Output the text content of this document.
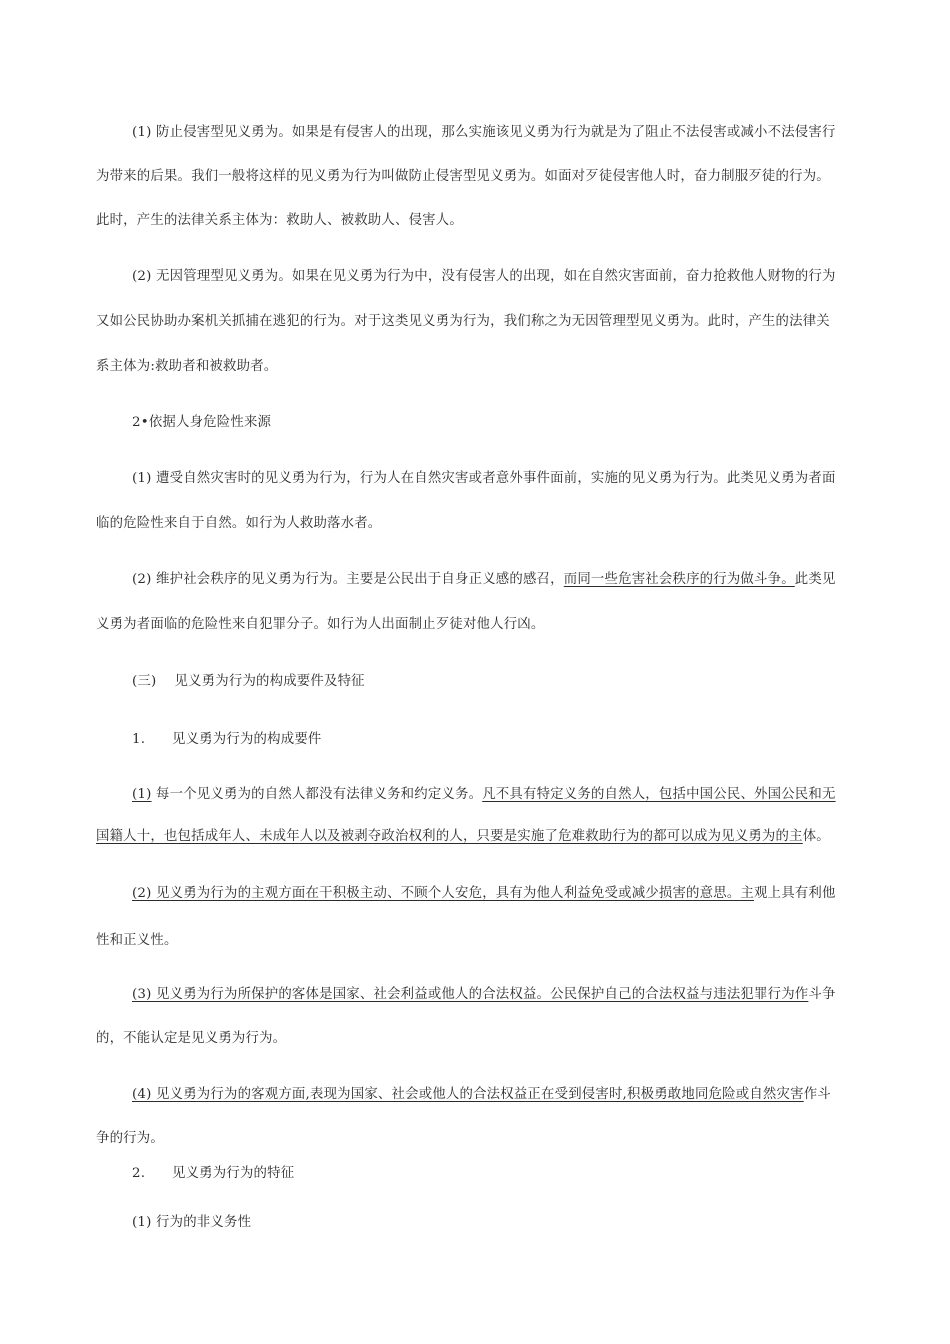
(1) 防止侵害型见义勇为。如果是有侵害人的出现，那么实施该见义勇为行为就是为了阻止不法侵害或减小不法侵害行
为带来的后果。我们一般将这样的见义勇为行为叫做防止侵害型见义勇为。如面对歹徒侵害他人时，奋力制服歹徒的行为。
此时，产生的法律关系主体为：救助人、被救助人、侵害人。
(2) 无因管理型见义勇为。如果在见义勇为行为中，没有侵害人的出现，如在自然灾害面前，奋力抢救他人财物的行为
又如公民协助办案机关抓捕在逃犯的行为。对于这类见义勇为行为，我们称之为无因管理型见义勇为。此时，产生的法律关
系主体为:救助者和被救助者。
2•依据人身危险性来源
(1) 遭受自然灾害时的见义勇为行为，行为人在自然灾害或者意外事件面前，实施的见义勇为行为。此类见义勇为者面
临的危险性来自于自然。如行为人救助落水者。
(2) 维护社会秩序的见义勇为行为。主要是公民出于自身正义感的感召，而同一些危害社会秩序的行为做斗争。此类见
义勇为者面临的危险性来自犯罪分子。如行为人出面制止歹徒对他人行凶。
(三)　 见义勇为行为的构成要件及特征
1. 见义勇为行为的构成要件
(1) 每一个见义勇为的自然人都没有法律义务和约定义务。凡不具有特定义务的自然人，包括中国公民、外国公民和无
国籍人十，也包括成年人、未成年人以及被剥夺政治权利的人，只要是实施了危难救助行为的都可以成为见义勇为的主体。
(2) 见义勇为行为的主观方面在干积极主动、不顾个人安危，具有为他人利益免受或减少损害的意思。主观上具有利他
性和正义性。
(3) 见义勇为行为所保护的客体是国家、社会利益或他人的合法权益。公民保护自己的合法权益与违法犯罪行为作斗争
的，不能认定是见义勇为行为。
(4) 见义勇为行为的客观方面,表现为国家、社会或他人的合法权益正在受到侵害时,积极勇敢地同危险或自然灾害作斗
争的行为。
2. 见义勇为行为的特征
(1) 行为的非义务性
